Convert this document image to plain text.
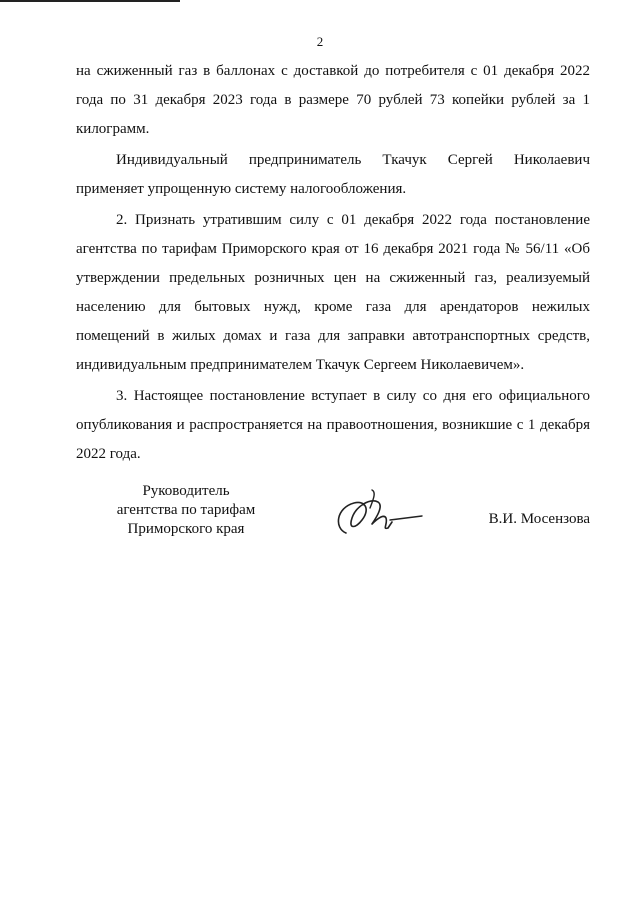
2

на сжиженный газ в баллонах с доставкой до потребителя с 01 декабря 2022 года по 31 декабря 2023 года в размере 70 рублей 73 копейки рублей за 1 килограмм.

Индивидуальный предприниматель Ткачук Сергей Николаевич применяет упрощенную систему налогообложения.

2. Признать утратившим силу с 01 декабря 2022 года постановление агентства по тарифам Приморского края от 16 декабря 2021 года № 56/11 «Об утверждении предельных розничных цен на сжиженный газ, реализуемый населению для бытовых нужд, кроме газа для арендаторов нежилых помещений в жилых домах и газа для заправки автотранспортных средств, индивидуальным предпринимателем Ткачук Сергеем Николаевичем».

3. Настоящее постановление вступает в силу со дня его официального опубликования и распространяется на правоотношения, возникшие с 1 декабря 2022 года.

Руководитель
агентства по тарифам
Приморского края
В.И. Мосензова
